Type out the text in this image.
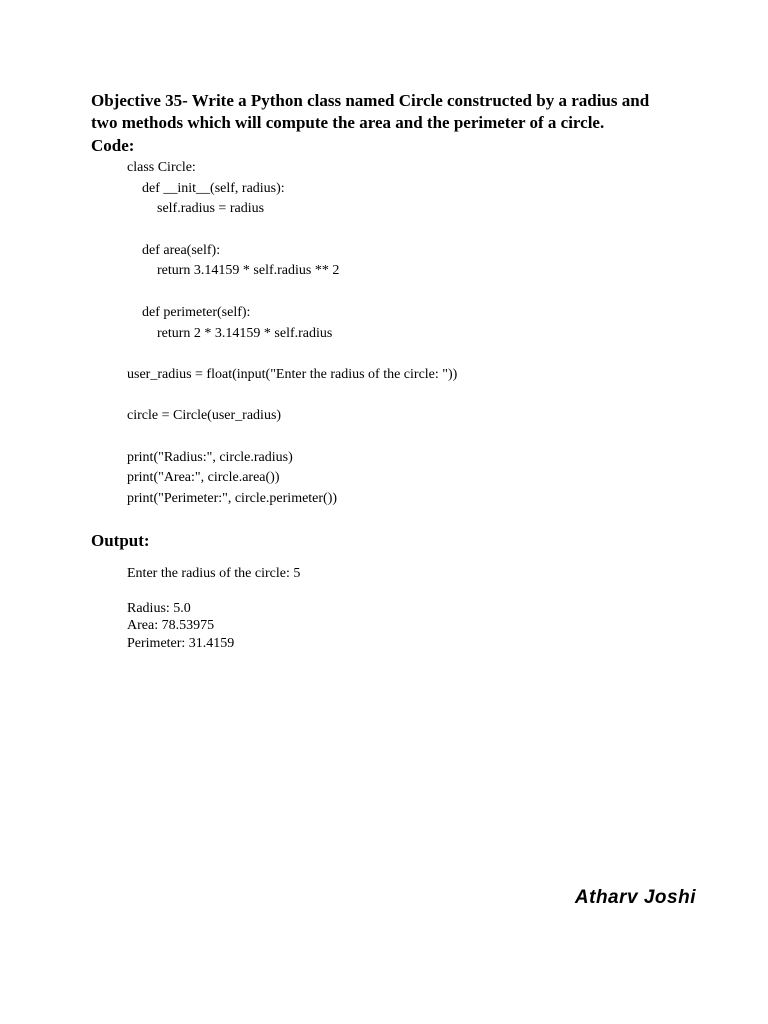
Objective 35- Write a Python class named Circle constructed by a radius and
two methods which will compute the area and the perimeter of a circle.
Code:
class Circle:
def __init__(self, radius):
self.radius = radius
def area(self):
return 3.14159 * self.radius ** 2
def perimeter(self):
return 2 * 3.14159 * self.radius
user_radius = float(input("Enter the radius of the circle: "))
circle = Circle(user_radius)
print("Radius:", circle.radius)
print("Area:", circle.area())
print("Perimeter:", circle.perimeter())
Output:
Enter the radius of the circle: 5
Radius: 5.0
Area: 78.53975
Perimeter: 31.4159
Atharv Joshi
